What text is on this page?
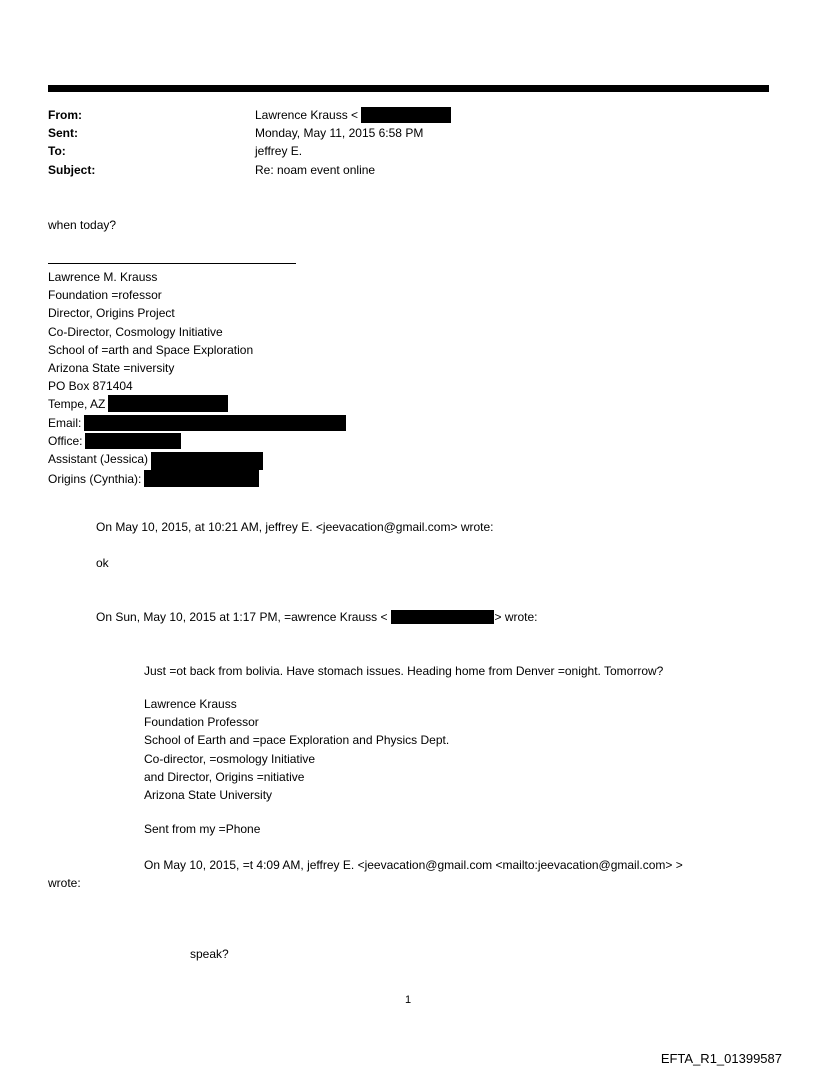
From:	Lawrence Krauss <
Sent:	Monday, May 11, 2015 6:58 PM
To:	jeffrey E.
Subject:	Re: noam event online
when today?
Lawrence M. Krauss
Foundation =rofessor
Director, Origins Project
Co-Director, Cosmology Initiative
School of =arth and Space Exploration
Arizona State =niversity
PO Box 871404
Tempe, AZ
Email:
Office:
Assistant (Jessica)
Origins (Cynthia):
On May 10, 2015, at 10:21 AM, jeffrey E. <jeevacation@gmail.com> wrote:
ok
On Sun, May 10, 2015 at 1:17 PM, =awrence Krauss <	> wrote:
Just =ot back from bolivia. Have stomach issues. Heading home from Denver =onight. Tomorrow?
Lawrence Krauss
Foundation Professor
School of Earth and =pace Exploration and Physics Dept.
Co-director, =osmology Initiative
and Director, Origins =nitiative
Arizona State University
Sent from my =Phone
On May 10, 2015, =t 4:09 AM, jeffrey E. <jeevacation@gmail.com <mailto:jeevacation@gmail.com> >
wrote:
speak?
1
EFTA_R1_01399587
